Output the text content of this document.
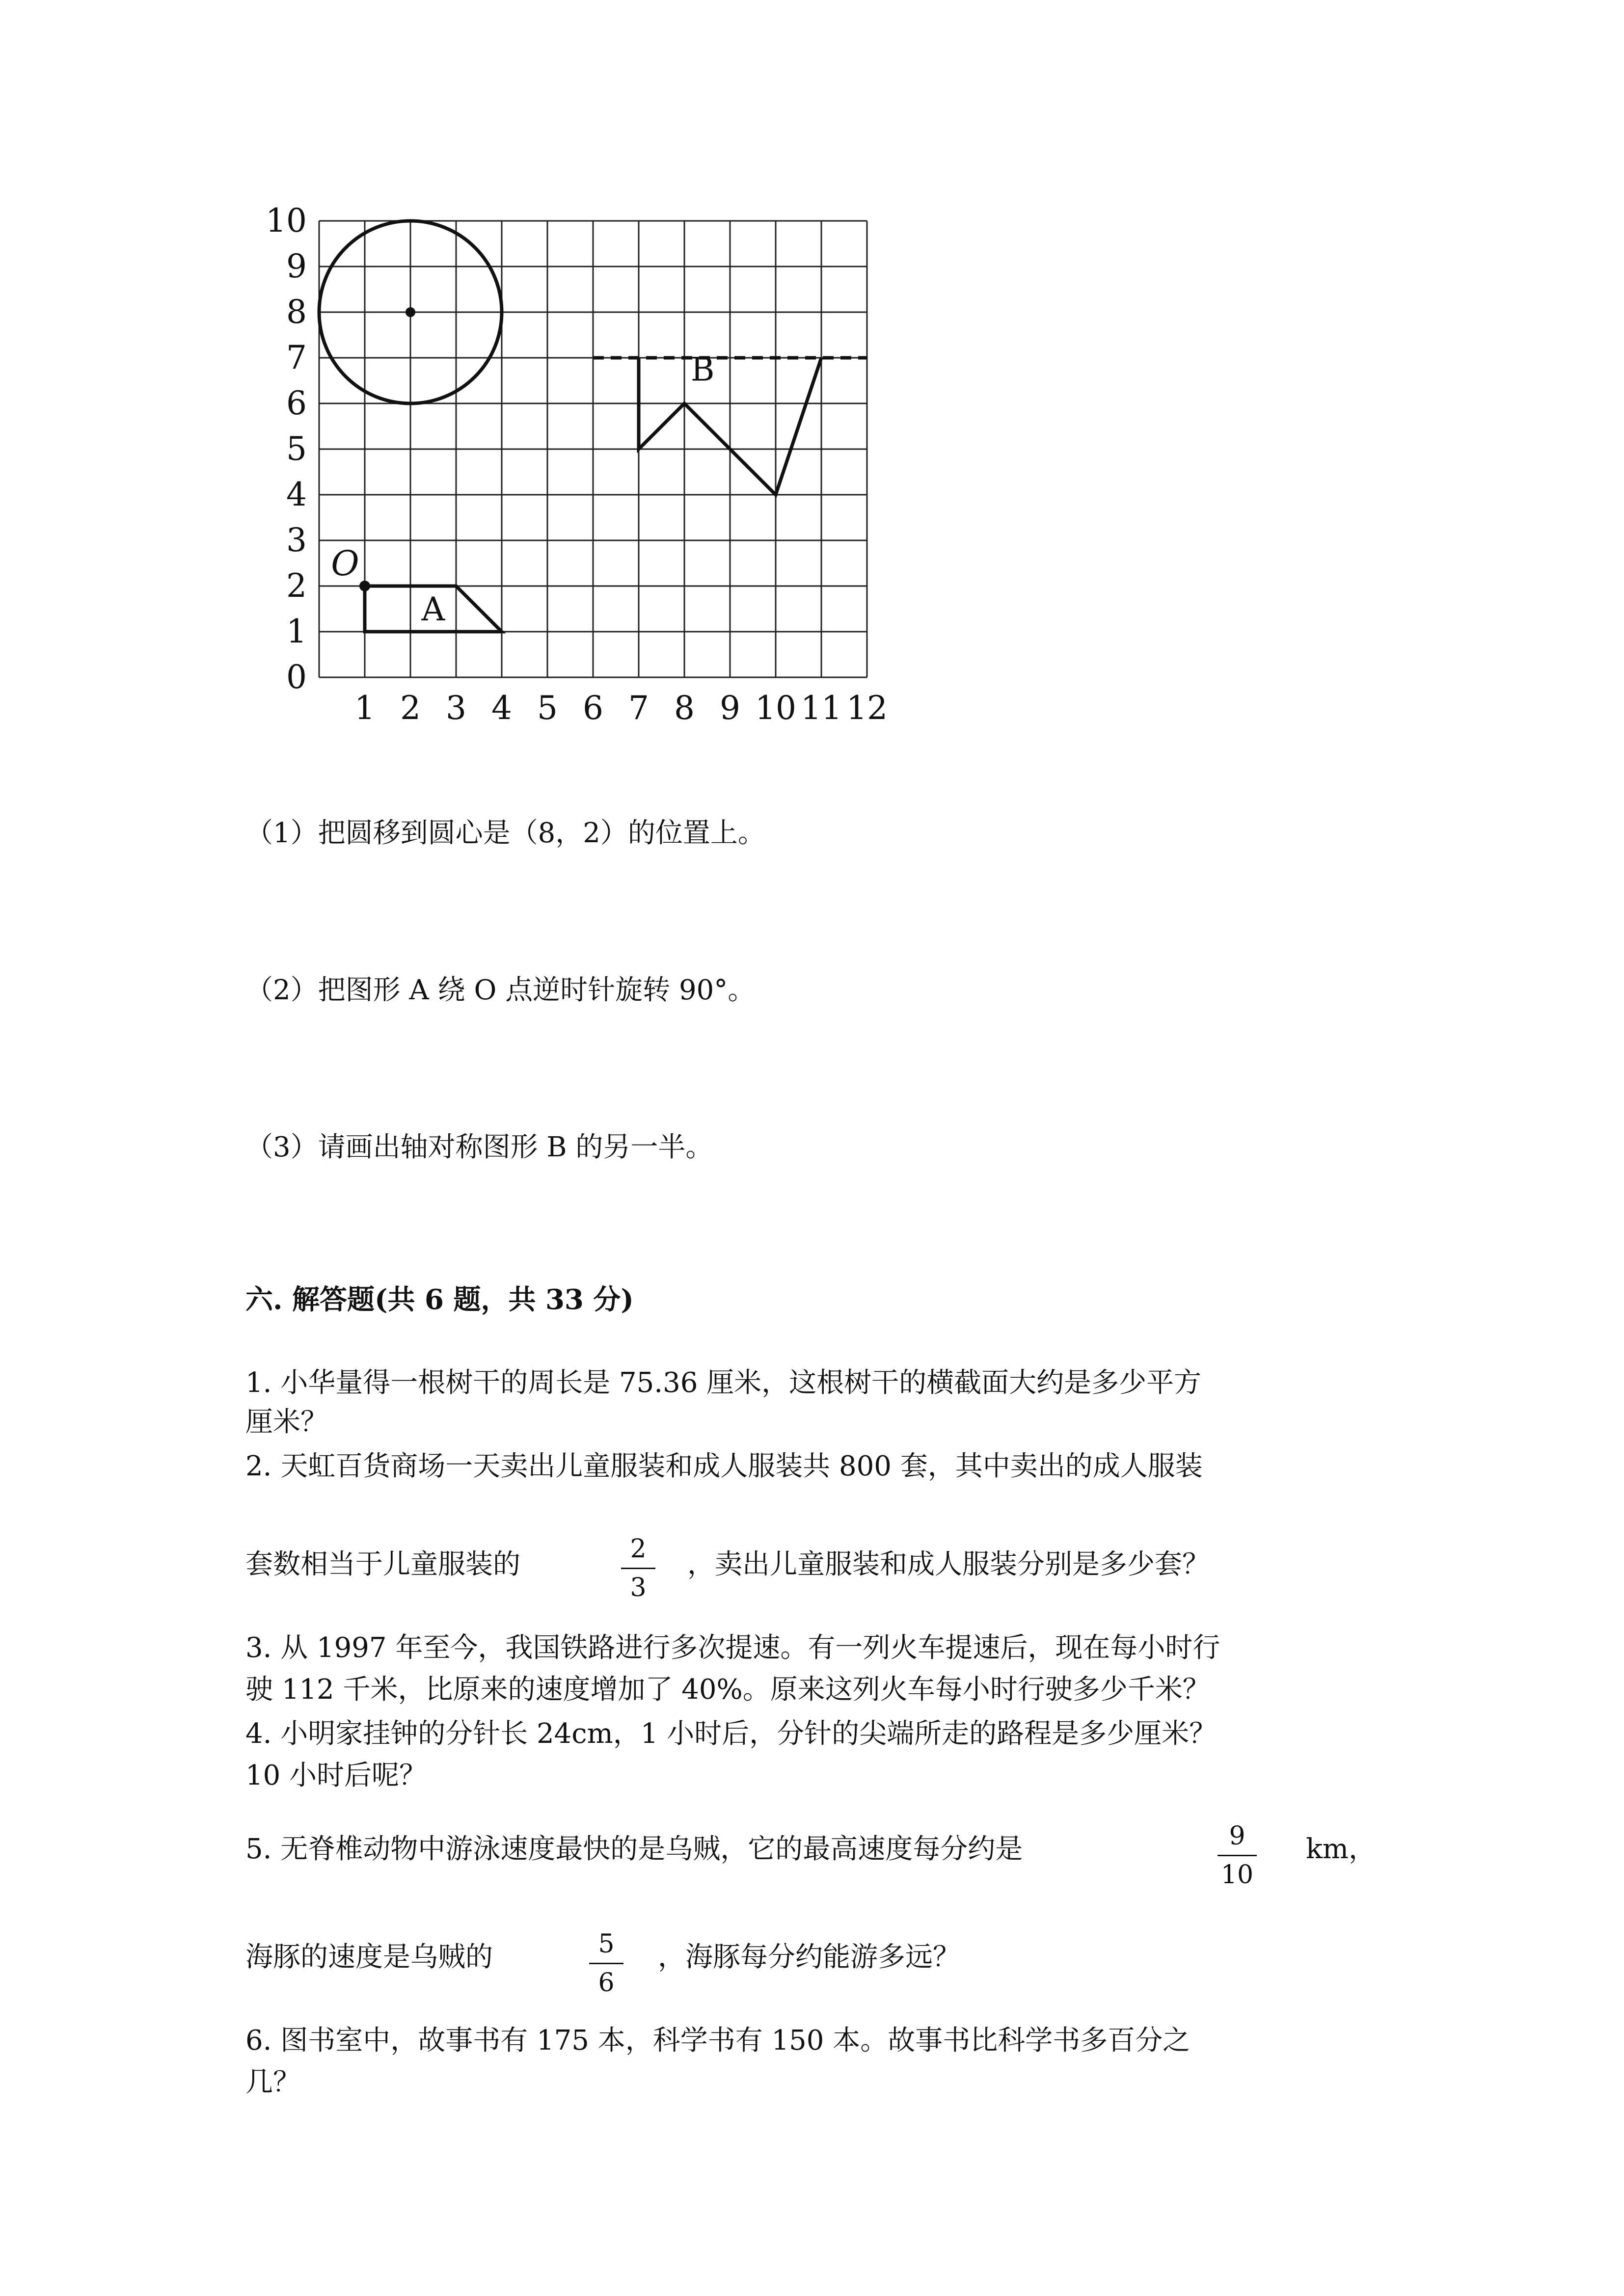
0
1
2
3
4
5
6
7
8
9
10
1 2 3 4 5 6 7 8 9 10 11 12
B
A
O
（1）把圆移到圆心是（8，2）的位置上。
（2）把图形 A 绕 O 点逆时针旋转 90°。
（3）请画出轴对称图形 B 的另一半。
六. 解答题(共 6 题，共 33 分)
1. 小华量得一根树干的周长是 75.36 厘米，这根树干的横截面大约是多少平方
厘米？
2. 天虹百货商场一天卖出儿童服装和成人服装共 800 套，其中卖出的成人服装
套数相当于儿童服装的	2
3
，卖出儿童服装和成人服装分别是多少套？
3. 从 1997 年至今，我国铁路进行多次提速。有一列火车提速后，现在每小时行
驶 112 千米，比原来的速度增加了 40%。原来这列火车每小时行驶多少千米？
4. 小明家挂钟的分针长 24cm，1 小时后，分针的尖端所走的路程是多少厘米？
10 小时后呢？
5. 无脊椎动物中游泳速度最快的是乌贼，它的最高速度每分约是	9
10
km，
海豚的速度是乌贼的	5
6
，海豚每分约能游多远？
6. 图书室中，故事书有 175 本，科学书有 150 本。故事书比科学书多百分之
几？
